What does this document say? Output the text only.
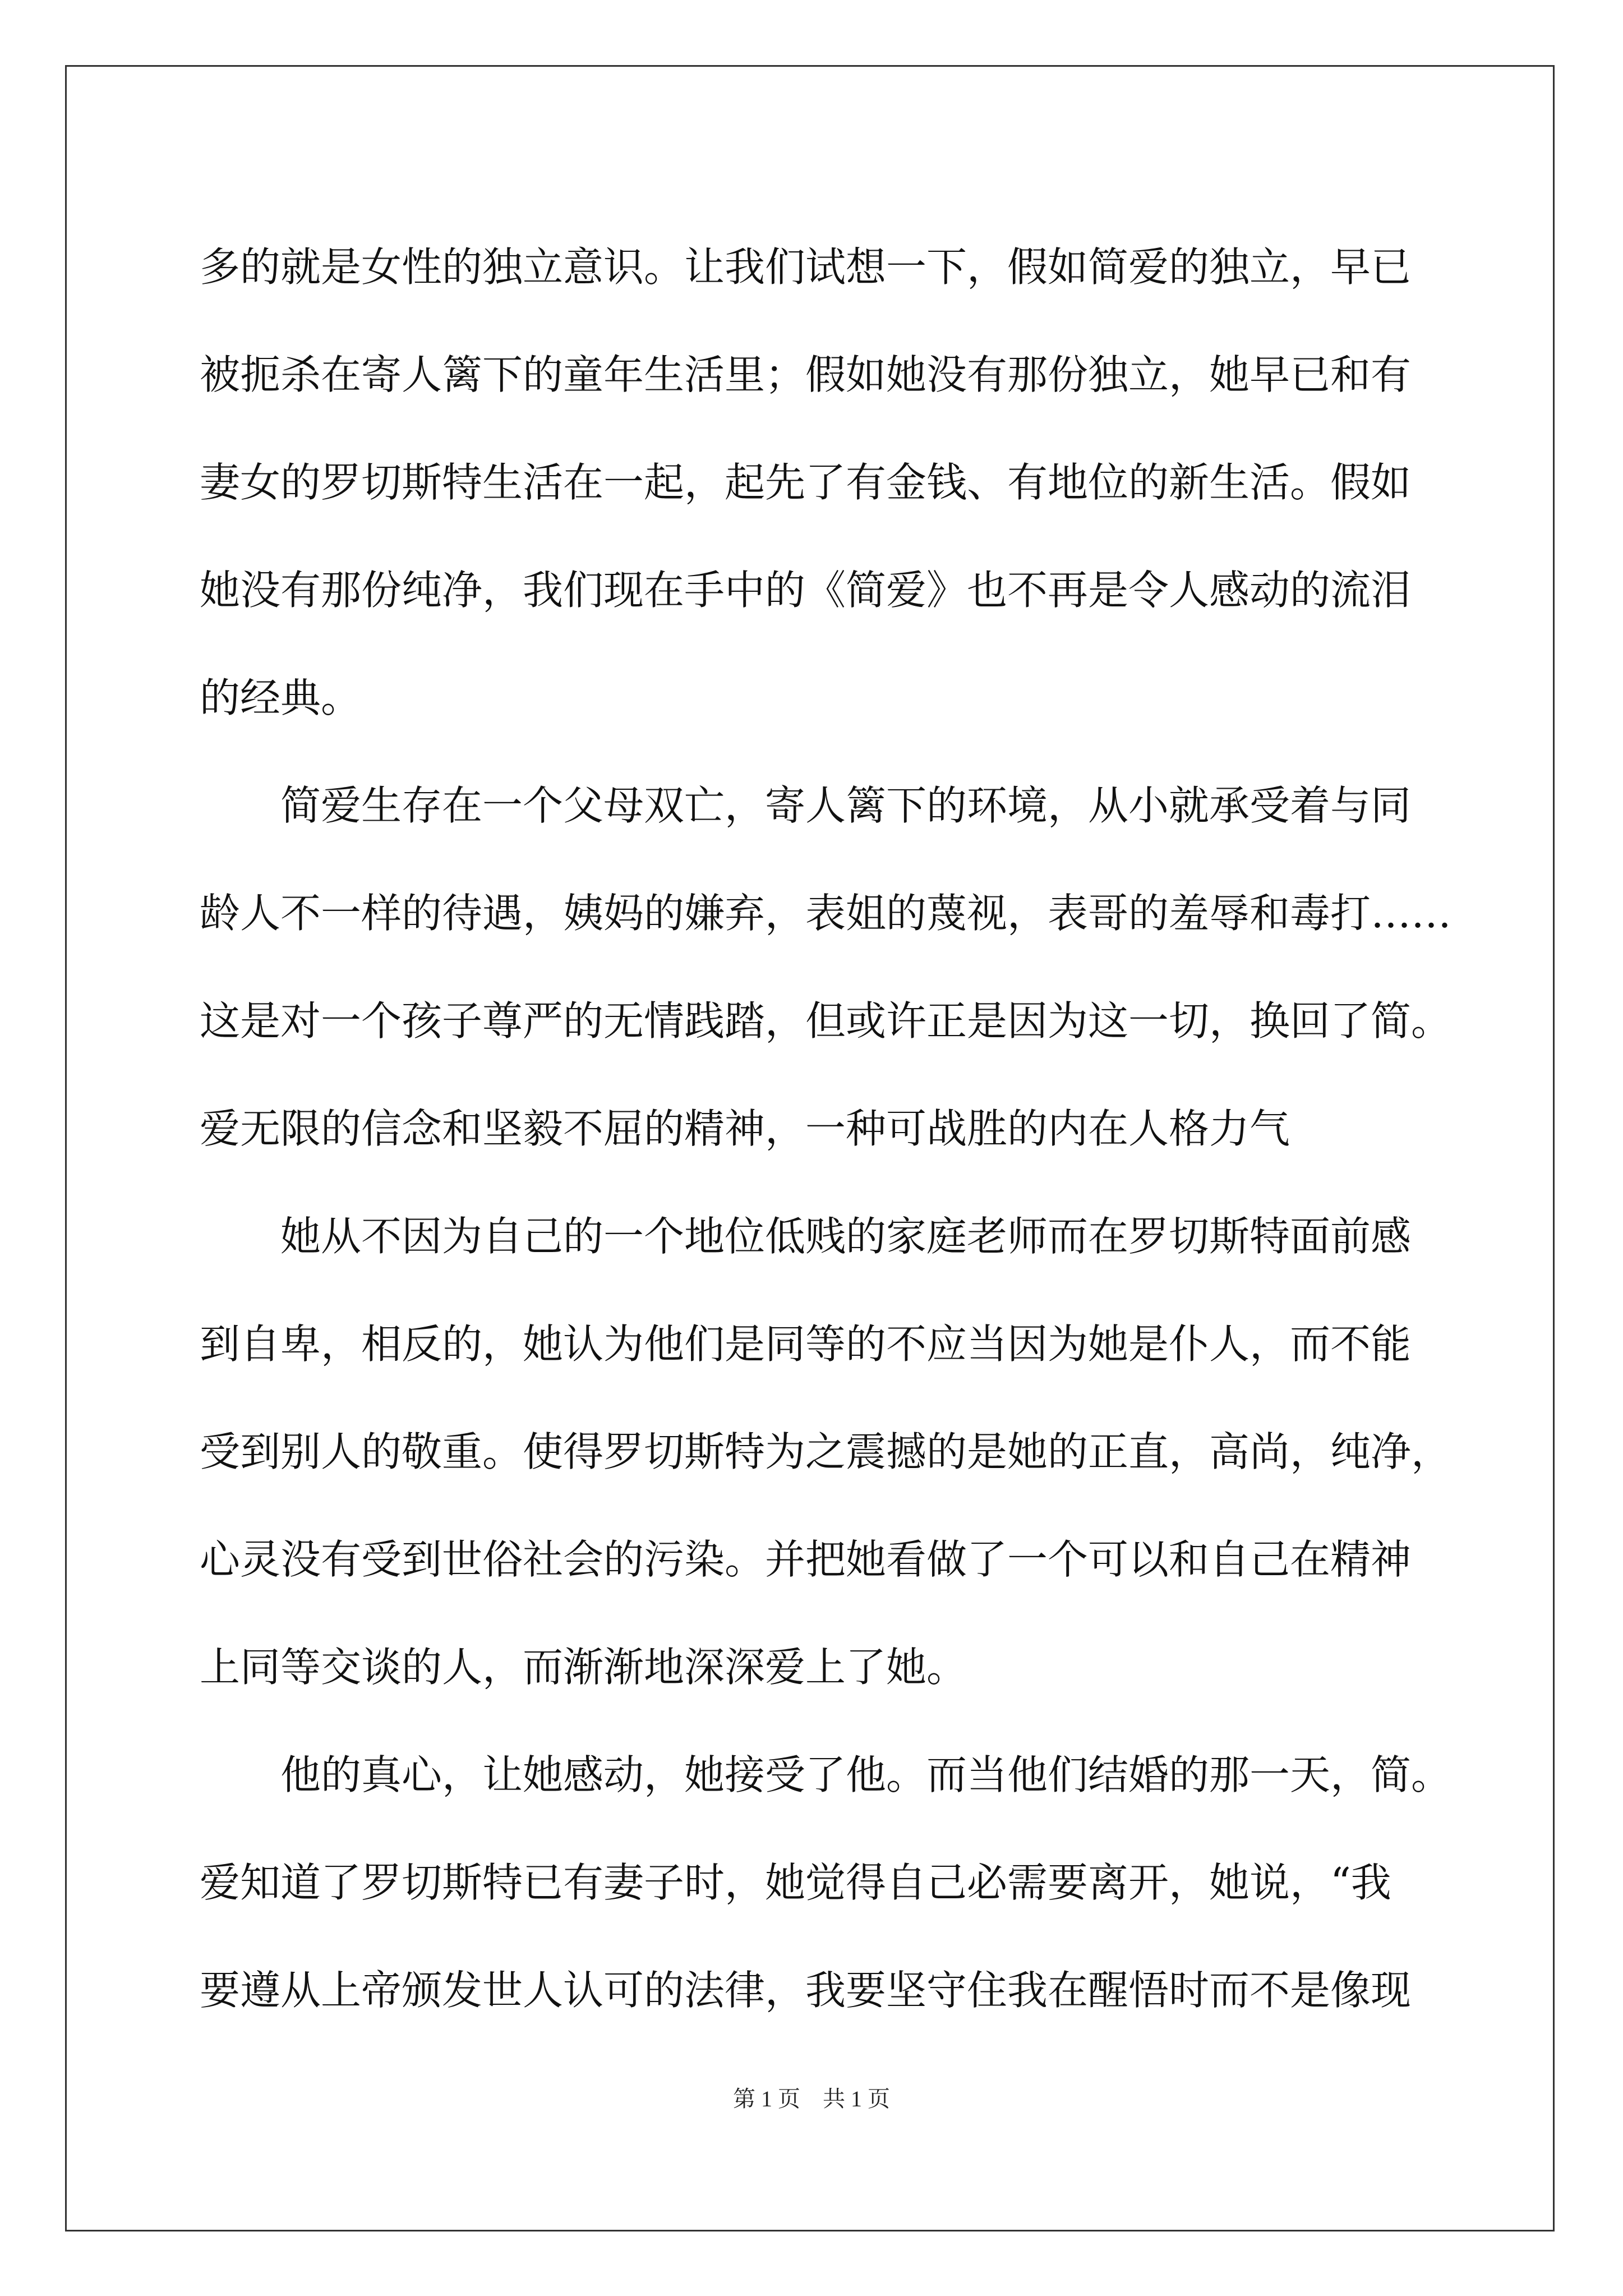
多的就是女性的独立意识。让我们试想一下，假如简爱的独立，早已
被扼杀在寄人篱下的童年生活里；假如她没有那份独立，她早已和有
妻女的罗切斯特生活在一起，起先了有金钱、有地位的新生活。假如
她没有那份纯净，我们现在手中的《简爱》也不再是令人感动的流泪
的经典。
简爱生存在一个父母双亡，寄人篱下的环境，从小就承受着与同
龄人不一样的待遇，姨妈的嫌弃，表姐的蔑视，表哥的羞辱和毒打……
这是对一个孩子尊严的无情践踏，但或许正是因为这一切，换回了简。
爱无限的信念和坚毅不屈的精神，一种可战胜的内在人格力气
她从不因为自己的一个地位低贱的家庭老师而在罗切斯特面前感
到自卑，相反的，她认为他们是同等的不应当因为她是仆人，而不能
受到别人的敬重。使得罗切斯特为之震撼的是她的正直，高尚，纯净，
心灵没有受到世俗社会的污染。并把她看做了一个可以和自己在精神
上同等交谈的人，而渐渐地深深爱上了她。
他的真心，让她感动，她接受了他。而当他们结婚的那一天，简。
爱知道了罗切斯特已有妻子时，她觉得自己必需要离开，她说，“我
要遵从上帝颁发世人认可的法律，我要坚守住我在醒悟时而不是像现
第 1 页　共 1 页
